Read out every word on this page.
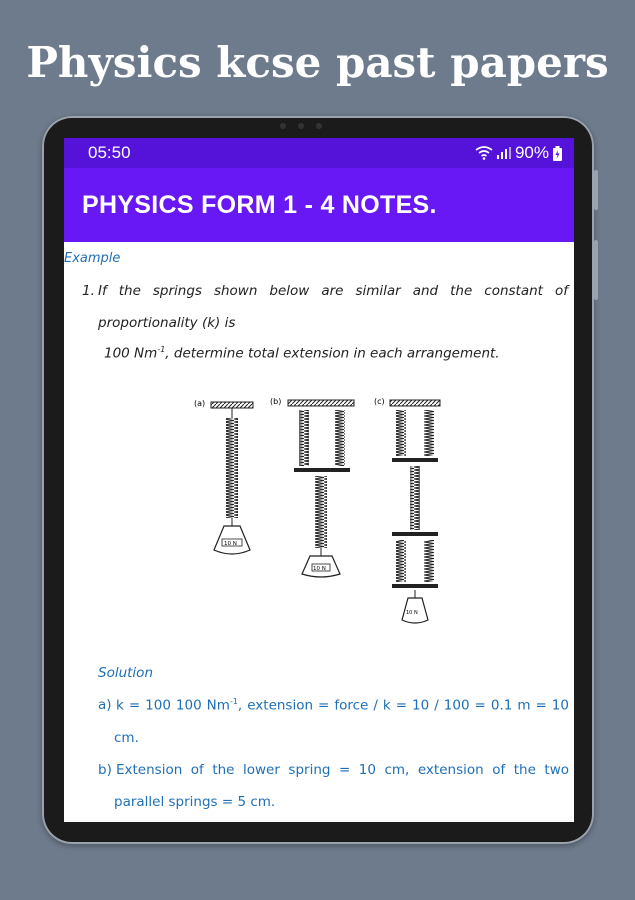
Physics kcse past papers
05:50	90%
PHYSICS FORM 1 - 4 NOTES.
Example
1. If the springs shown below are similar and the constant of
proportionality (k) is
100 $Nm^{-1}$, determine total extension in each arrangement.
(a)
10 N
(b)
10 N
(c)
10 N
Solution
a) k = 100 100 $Nm^{-1}$, extension = force / k = 10 / 100 = 0.1 m = 10
cm.
b) Extension of the lower spring = 10 cm, extension of the two
parallel springs = 5 cm.
